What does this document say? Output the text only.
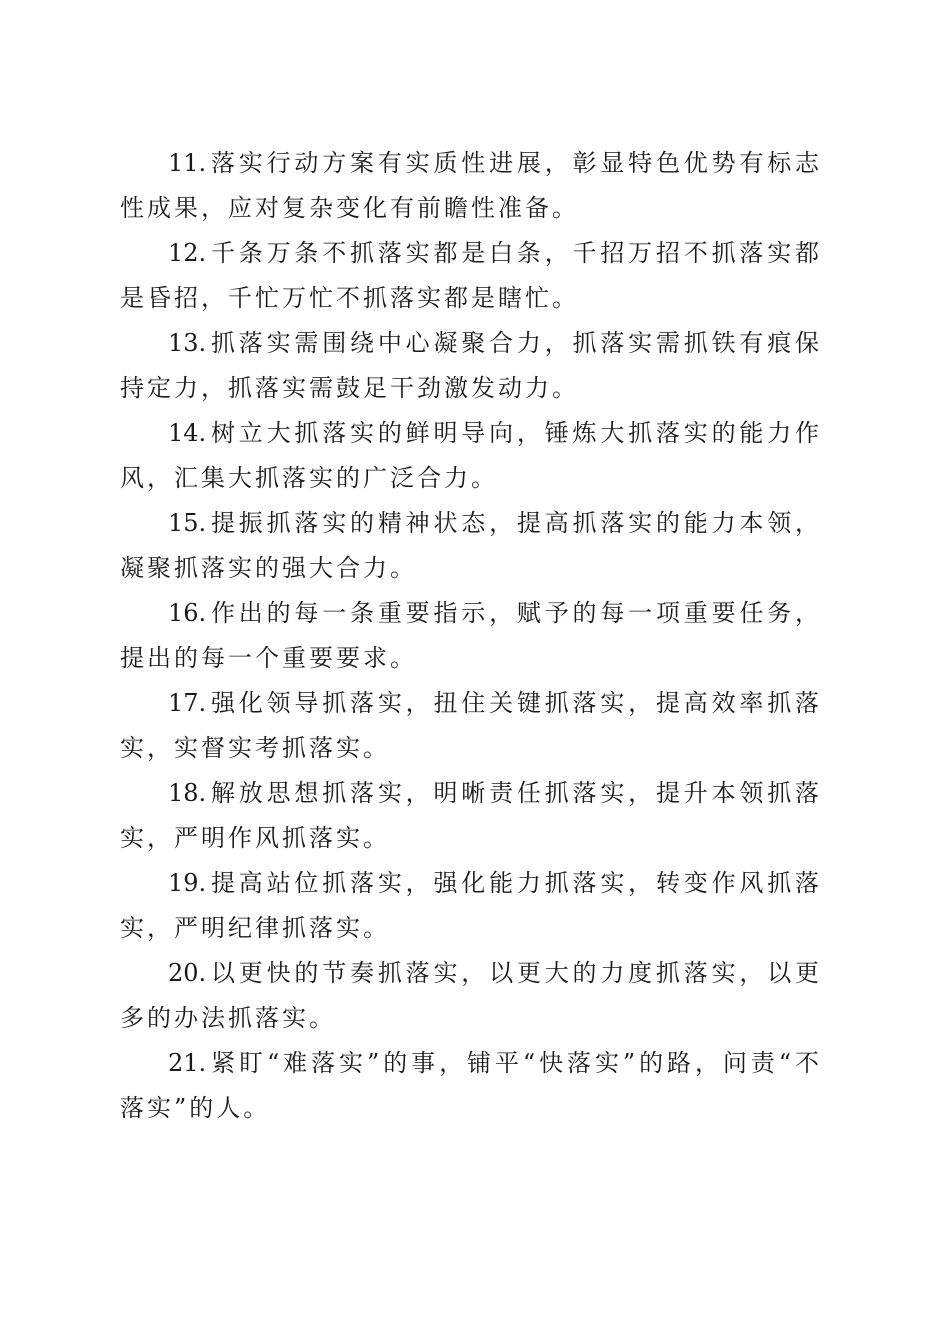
11. 落实行动方案有实质性进展，彰显特色优势有标志性成果，应对复杂变化有前瞻性准备。

12. 千条万条不抓落实都是白条，千招万招不抓落实都是昏招，千忙万忙不抓落实都是瞎忙。

13. 抓落实需围绕中心凝聚合力，抓落实需抓铁有痕保持定力，抓落实需鼓足干劲激发动力。

14. 树立大抓落实的鲜明导向，锤炼大抓落实的能力作风，汇集大抓落实的广泛合力。

15. 提振抓落实的精神状态，提高抓落实的能力本领，凝聚抓落实的强大合力。

16. 作出的每一条重要指示，赋予的每一项重要任务，提出的每一个重要要求。

17. 强化领导抓落实，扭住关键抓落实，提高效率抓落实，实督实考抓落实。

18. 解放思想抓落实，明晰责任抓落实，提升本领抓落实，严明作风抓落实。

19. 提高站位抓落实，强化能力抓落实，转变作风抓落实，严明纪律抓落实。

20. 以更快的节奏抓落实，以更大的力度抓落实，以更多的办法抓落实。

21. 紧盯“难落实”的事，铺平“快落实”的路，问责“不落实”的人。
